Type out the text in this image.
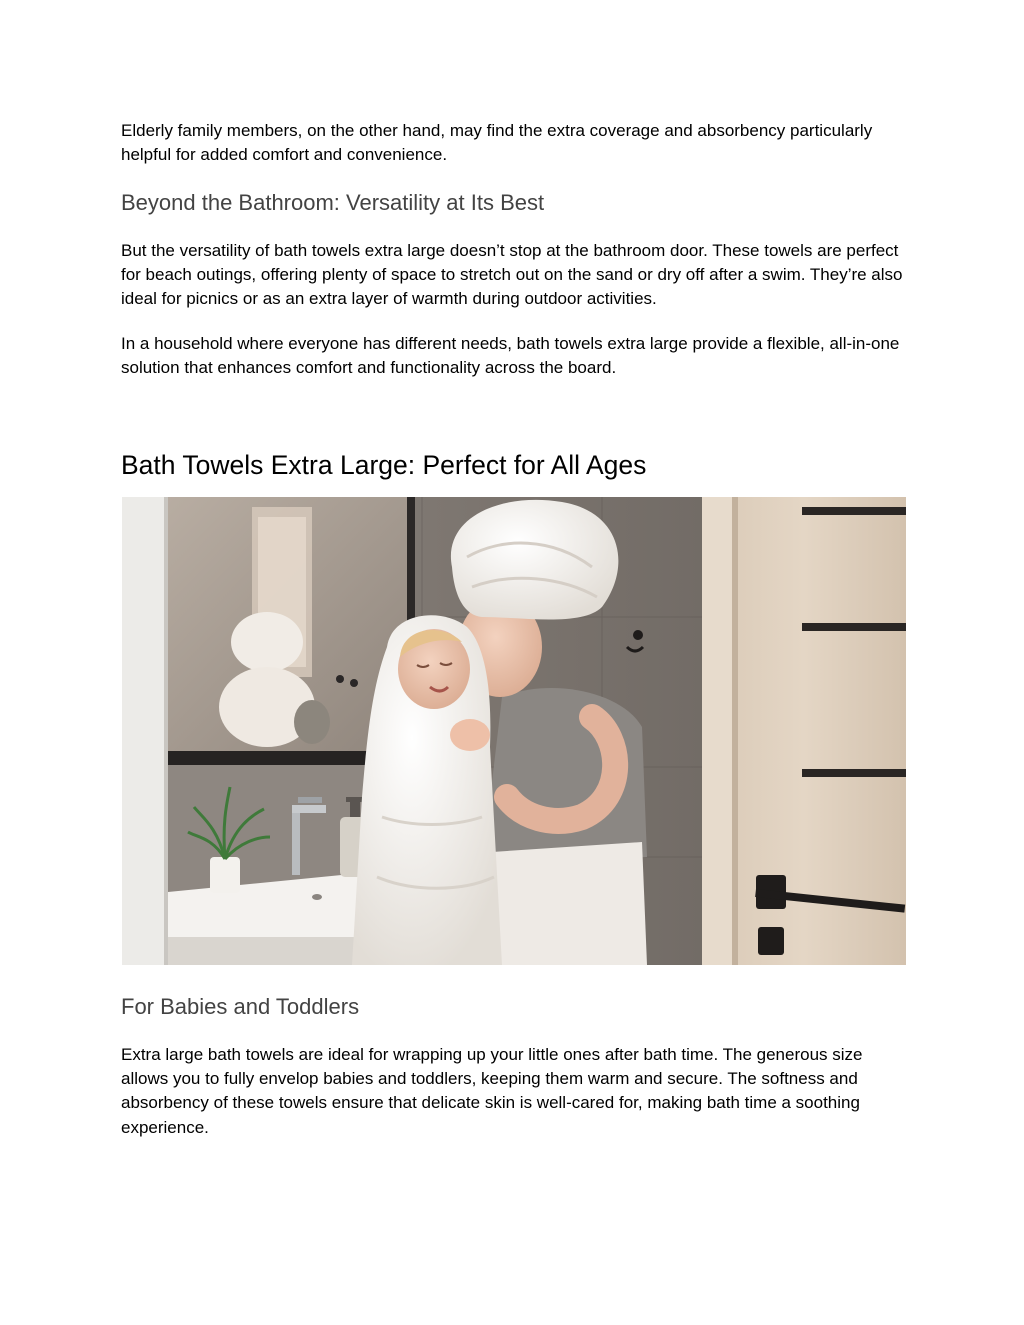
Elderly family members, on the other hand, may find the extra coverage and absorbency particularly helpful for added comfort and convenience.

Beyond the Bathroom: Versatility at Its Best

But the versatility of bath towels extra large doesn’t stop at the bathroom door. These towels are perfect for beach outings, offering plenty of space to stretch out on the sand or dry off after a swim. They’re also ideal for picnics or as an extra layer of warmth during outdoor activities.

In a household where everyone has different needs, bath towels extra large provide a flexible, all-in-one solution that enhances comfort and functionality across the board.

Bath Towels Extra Large: Perfect for All Ages
For Babies and Toddlers

Extra large bath towels are ideal for wrapping up your little ones after bath time. The generous size allows you to fully envelop babies and toddlers, keeping them warm and secure. The softness and absorbency of these towels ensure that delicate skin is well-cared for, making bath time a soothing experience.
